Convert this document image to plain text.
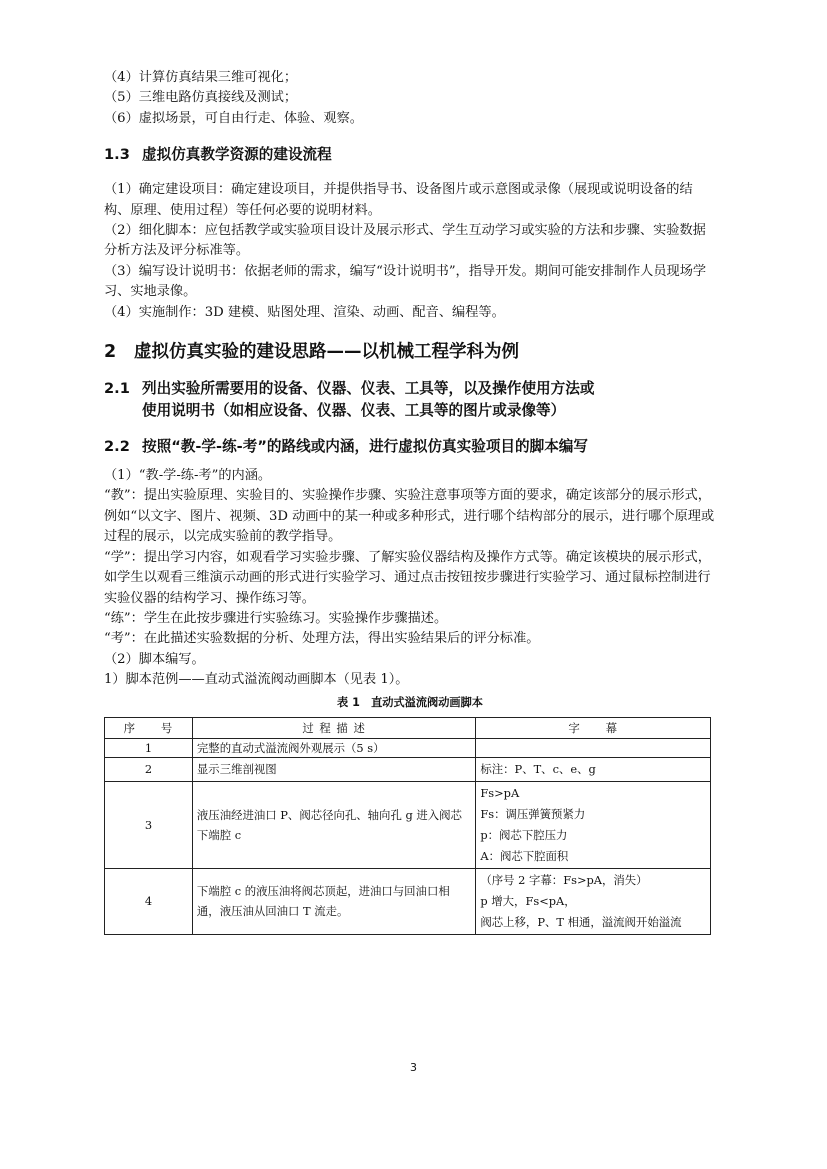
（4）计算仿真结果三维可视化；

（5）三维电路仿真接线及测试；

（6）虚拟场景，可自由行走、体验、观察。

1.3 虚拟仿真教学资源的建设流程

（1）确定建设项目：确定建设项目，并提供指导书、设备图片或示意图或录像（展现或说明设备的结构、原理、使用过程）等任何必要的说明材料。

（2）细化脚本：应包括教学或实验项目设计及展示形式、学生互动学习或实验的方法和步骤、实验数据分析方法及评分标准等。

（3）编写设计说明书：依据老师的需求，编写“设计说明书”，指导开发。期间可能安排制作人员现场学习、实地录像。

（4）实施制作：3D 建模、贴图处理、渲染、动画、配音、编程等。

2 虚拟仿真实验的建设思路——以机械工程学科为例
2.1 列出实验所需要用的设备、仪器、仪表、工具等，以及操作使用方法或
使用说明书（如相应设备、仪器、仪表、工具等的图片或录像等）
2.2 按照“教-学-练-考”的路线或内涵，进行虚拟仿真实验项目的脚本编写

（1）“教-学-练-考”的内涵。

“教”：提出实验原理、实验目的、实验操作步骤、实验注意事项等方面的要求，确定该部分的展示形式，例如“以文字、图片、视频、3D 动画中的某一种或多种形式，进行哪个结构部分的展示，进行哪个原理或过程的展示，以完成实验前的教学指导。

“学”：提出学习内容，如观看学习实验步骤、了解实验仪器结构及操作方式等。确定该模块的展示形式，如学生以观看三维演示动画的形式进行实验学习、通过点击按钮按步骤进行实验学习、通过鼠标控制进行实验仪器的结构学习、操作练习等。

“练”：学生在此按步骤进行实验练习。实验操作步骤描述。

“考”：在此描述实验数据的分析、处理方法，得出实验结果后的评分标准。

（2）脚本编写。

1）脚本范例——直动式溢流阀动画脚本（见表 1）。

表 1　直动式溢流阀动画脚本
序　　号	过 程 描 述	字　　幕
1	完整的直动式溢流阀外观展示（5 s）	

2	显示三维剖视图	标注：P、T、c、e、g

3	液压油经进油口 P、阀芯径向孔、轴向孔 g 进入阀芯下端腔 c	Fs>pA
Fs：调压弹簧预紧力
p：阀芯下腔压力
A：阀芯下腔面积

4	下端腔 c 的液压油将阀芯顶起，进油口与回油口相通，液压油从回油口 T 流走。	（序号 2 字幕：Fs>pA，消失）
p 增大，Fs<pA，
阀芯上移，P、T 相通，溢流阀开始溢流
3
